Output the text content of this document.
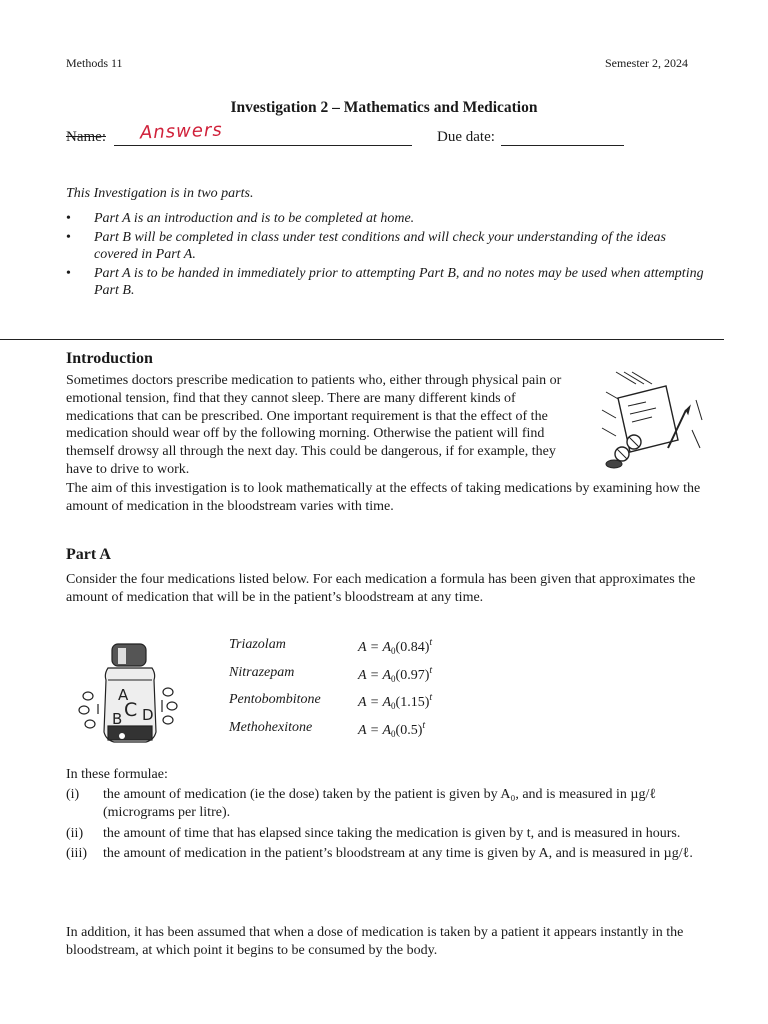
Methods 11	Semester 2, 2024
Investigation 2 – Mathematics and Medication
Name: Answers	Due date:
This Investigation is in two parts.
• Part A is an introduction and is to be completed at home.
• Part B will be completed in class under test conditions and will check your understanding of the ideas covered in Part A.
• Part A is to be handed in immediately prior to attempting Part B, and no notes may be used when attempting Part B.
Introduction
Sometimes doctors prescribe medication to patients who, either through physical pain or emotional tension, find that they cannot sleep. There are many different kinds of medications that can be prescribed. One important requirement is that the effect of the medication should wear off by the following morning. Otherwise the patient will find themself drowsy all through the next day. This could be dangerous, if for example, they have to drive to work.
The aim of this investigation is to look mathematically at the effects of taking medications by examining how the amount of medication in the bloodstream varies with time.
Part A
Consider the four medications listed below. For each medication a formula has been given that approximates the amount of medication that will be in the patient’s bloodstream at any time.
A
B C D
Triazolam	$A = A_0(0.84)^t$
Nitrazepam	$A = A_0(0.97)^t$
Pentobombitone	$A = A_0(1.15)^t$
Methohexitone	$A = A_0(0.5)^t$
In these formulae:
(i) the amount of medication (ie the dose) taken by the patient is given by A₀, and is measured in µg/ℓ (micrograms per litre).
(ii) the amount of time that has elapsed since taking the medication is given by t, and is measured in hours.
(iii) the amount of medication in the patient’s bloodstream at any time is given by A, and is measured in µg/ℓ.
In addition, it has been assumed that when a dose of medication is taken by a patient it appears instantly in the bloodstream, at which point it begins to be consumed by the body.
